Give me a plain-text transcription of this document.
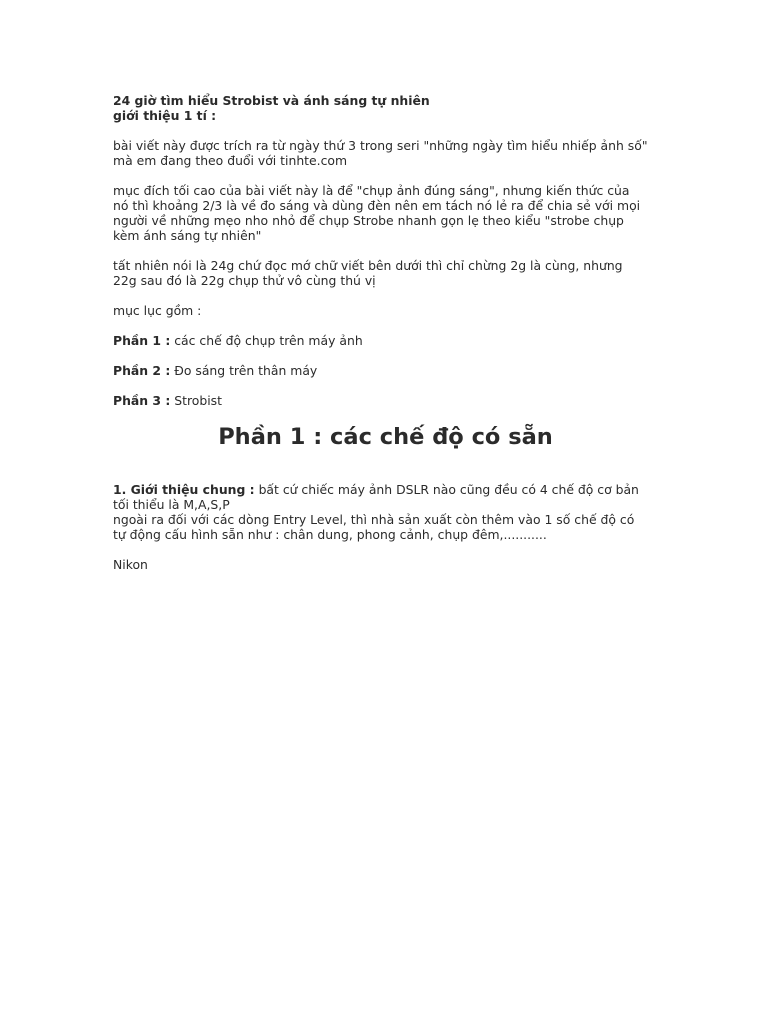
24 giờ tìm hiểu Strobist và ánh sáng tự nhiên
giới thiệu 1 tí :

bài viết này được trích ra từ ngày thứ 3 trong seri "những ngày tìm hiểu nhiếp ảnh số"

mà em đang theo đuổi với tinhte.com

mục đích tối cao của bài viết này là để "chụp ảnh đúng sáng", nhưng kiến thức của

nó thì khoảng 2/3 là về đo sáng và dùng đèn nên em tách nó lẻ ra để chia sẻ với mọi

người về những mẹo nho nhỏ để chụp Strobe nhanh gọn lẹ theo kiểu "strobe chụp

kèm ánh sáng tự nhiên"

tất nhiên nói là 24g chứ đọc mớ chữ viết bên dưới thì chỉ chừng 2g là cùng, nhưng

22g sau đó là 22g chụp thử vô cùng thú vị

mục lục gồm :

Phần 1 : các chế độ chụp trên máy ảnh
Phần 2 : Đo sáng trên thân máy
Phần 3 : Strobist
Phần 1 : các chế độ có sẵn

1. Giới thiệu chung : bất cứ chiếc máy ảnh DSLR nào cũng đều có 4 chế độ cơ bản

tối thiểu là M,A,S,P

ngoài ra đối với các dòng Entry Level, thì nhà sản xuất còn thêm vào 1 số chế độ có

tự động cấu hình sẵn như : chân dung, phong cảnh, chụp đêm,...........

Nikon
